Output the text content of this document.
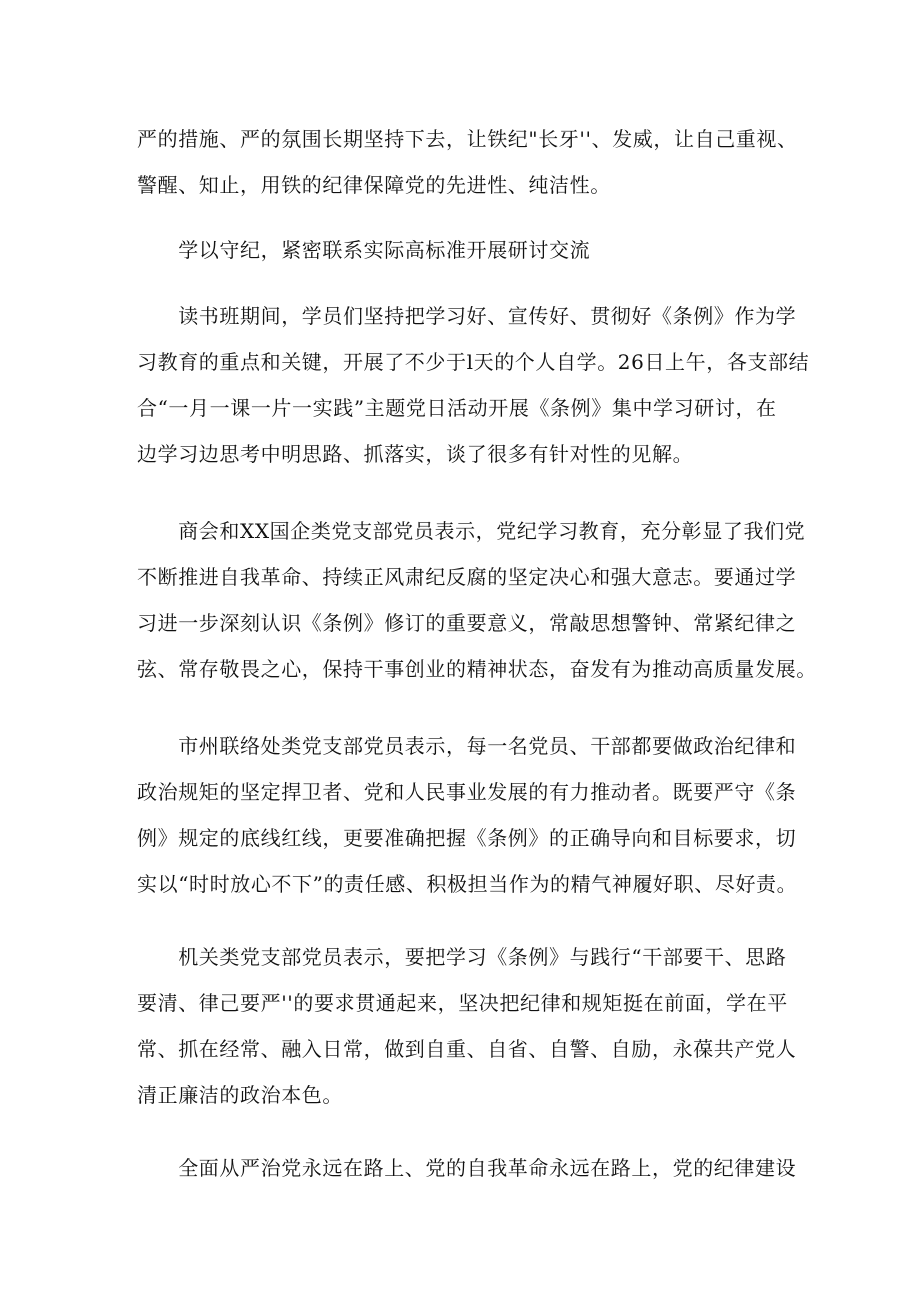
严的措施、严的氛围长期坚持下去，让铁纪"长牙''、发威，让自己重视、
警醒、知止，用铁的纪律保障党的先进性、纯洁性。

　　学以守纪，紧密联系实际高标准开展研讨交流

　　读书班期间，学员们坚持把学习好、宣传好、贯彻好《条例》作为学
习教育的重点和关键，开展了不少于l天的个人自学。26日上午，各支部结
合“一月一课一片一实践”主题党日活动开展《条例》集中学习研讨，在
边学习边思考中明思路、抓落实，谈了很多有针对性的见解。

　　商会和XX国企类党支部党员表示，党纪学习教育，充分彰显了我们党
不断推进自我革命、持续正风肃纪反腐的坚定决心和强大意志。要通过学
习进一步深刻认识《条例》修订的重要意义，常敲思想警钟、常紧纪律之
弦、常存敬畏之心，保持干事创业的精神状态，奋发有为推动高质量发展。

　　市州联络处类党支部党员表示，每一名党员、干部都要做政治纪律和
政治规矩的坚定捍卫者、党和人民事业发展的有力推动者。既要严守《条
例》规定的底线红线，更要准确把握《条例》的正确导向和目标要求，切
实以“时时放心不下”的责任感、积极担当作为的精气神履好职、尽好责。

　　机关类党支部党员表示，要把学习《条例》与践行“干部要干、思路
要清、律己要严''的要求贯通起来，坚决把纪律和规矩挺在前面，学在平
常、抓在经常、融入日常，做到自重、自省、自警、自励，永葆共产党人
清正廉洁的政治本色。

　　全面从严治党永远在路上、党的自我革命永远在路上，党的纪律建设
